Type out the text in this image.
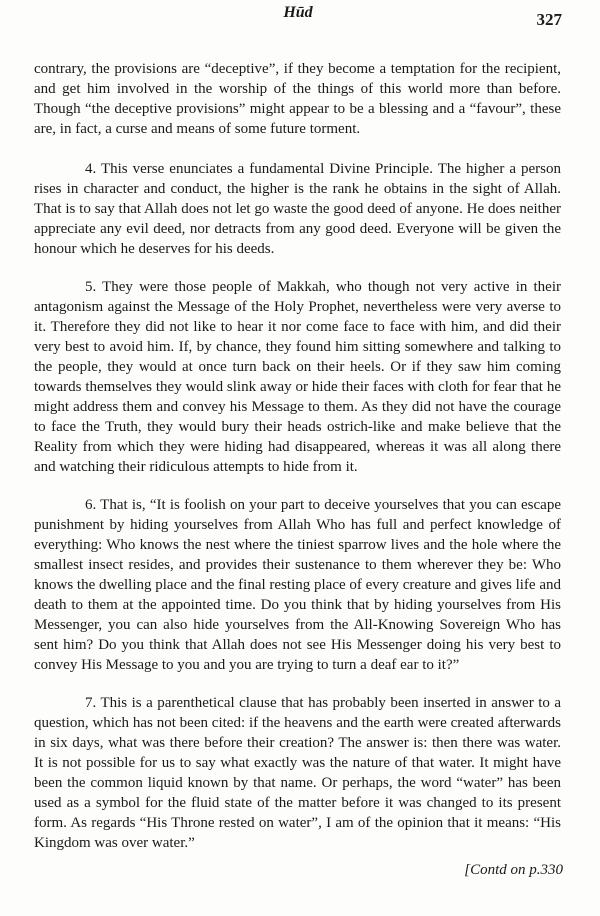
Hūd	327

contrary, the provisions are “deceptive”, if they become a temptation for the recipient, and get him involved in the worship of the things of this world more than before. Though “the deceptive provisions” might appear to be a blessing and a “favour”, these are, in fact, a curse and means of some future torment.

4. This verse enunciates a fundamental Divine Principle. The higher a person rises in character and conduct, the higher is the rank he obtains in the sight of Allah. That is to say that Allah does not let go waste the good deed of anyone. He does neither appreciate any evil deed, nor detracts from any good deed. Everyone will be given the honour which he deserves for his deeds.

5. They were those people of Makkah, who though not very active in their antagonism against the Message of the Holy Prophet, nevertheless were very averse to it. Therefore they did not like to hear it nor come face to face with him, and did their very best to avoid him. If, by chance, they found him sitting somewhere and talking to the people, they would at once turn back on their heels. Or if they saw him coming towards themselves they would slink away or hide their faces with cloth for fear that he might address them and convey his Message to them. As they did not have the courage to face the Truth, they would bury their heads ostrich-like and make believe that the Reality from which they were hiding had disappeared, whereas it was all along there and watching their ridiculous attempts to hide from it.

6. That is, “It is foolish on your part to deceive yourselves that you can escape punishment by hiding yourselves from Allah Who has full and perfect knowledge of everything: Who knows the nest where the tiniest sparrow lives and the hole where the smallest insect resides, and provides their sustenance to them wherever they be: Who knows the dwelling place and the final resting place of every creature and gives life and death to them at the appointed time. Do you think that by hiding yourselves from His Messenger, you can also hide yourselves from the All-Knowing Sovereign Who has sent him? Do you think that Allah does not see His Messenger doing his very best to convey His Message to you and you are trying to turn a deaf ear to it?”

7. This is a parenthetical clause that has probably been inserted in answer to a question, which has not been cited: if the heavens and the earth were created afterwards in six days, what was there before their creation? The answer is: then there was water. It is not possible for us to say what exactly was the nature of that water. It might have been the common liquid known by that name. Or perhaps, the word “water” has been used as a symbol for the fluid state of the matter before it was changed to its present form. As regards “His Throne rested on water”, I am of the opinion that it means: “His Kingdom was over water.”

[Contd on p.330
